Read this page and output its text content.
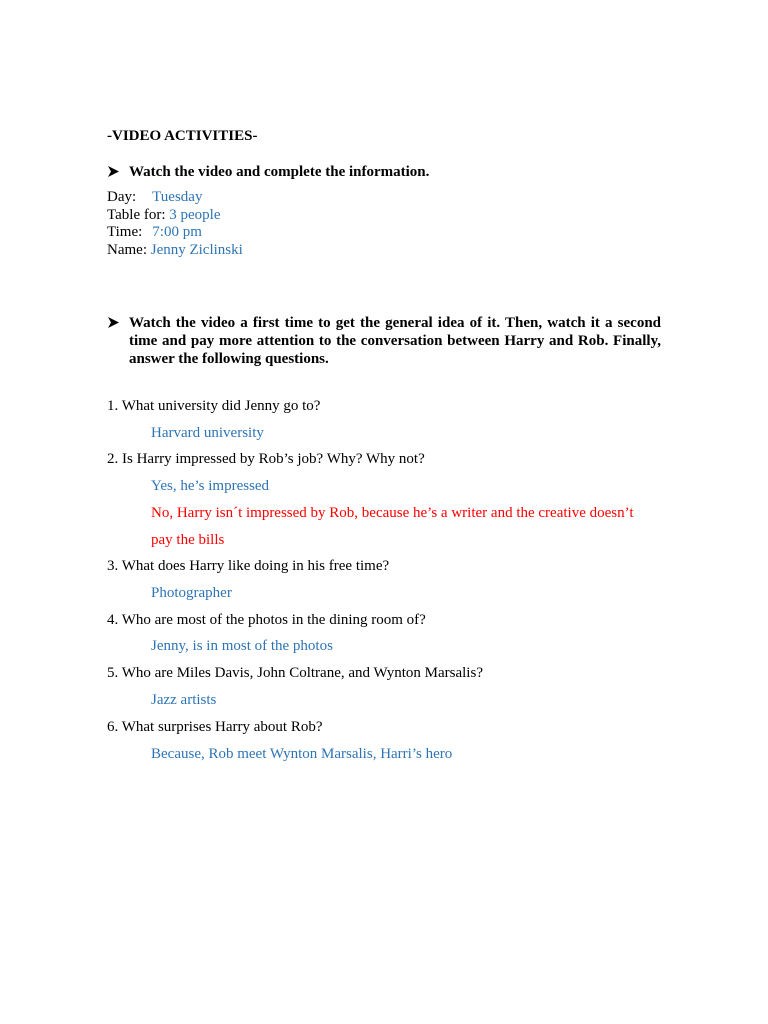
-VIDEO ACTIVITIES-
Watch the video and complete the information.
Day: Tuesday
Table for: 3 people
Time: 7:00 pm
Name: Jenny Ziclinski
Watch the video a first time to get the general idea of it. Then, watch it a second time and pay more attention to the conversation between Harry and Rob. Finally, answer the following questions.
1. What university did Jenny go to?
Harvard university
2. Is Harry impressed by Rob’s job? Why? Why not?
Yes, he’s impressed
No, Harry isn´t impressed by Rob, because he’s a writer and the creative doesn’t
pay the bills
3. What does Harry like doing in his free time?
Photographer
4. Who are most of the photos in the dining room of?
Jenny, is in most of the photos
5. Who are Miles Davis, John Coltrane, and Wynton Marsalis?
Jazz artists
6. What surprises Harry about Rob?
Because, Rob meet Wynton Marsalis, Harri’s hero
